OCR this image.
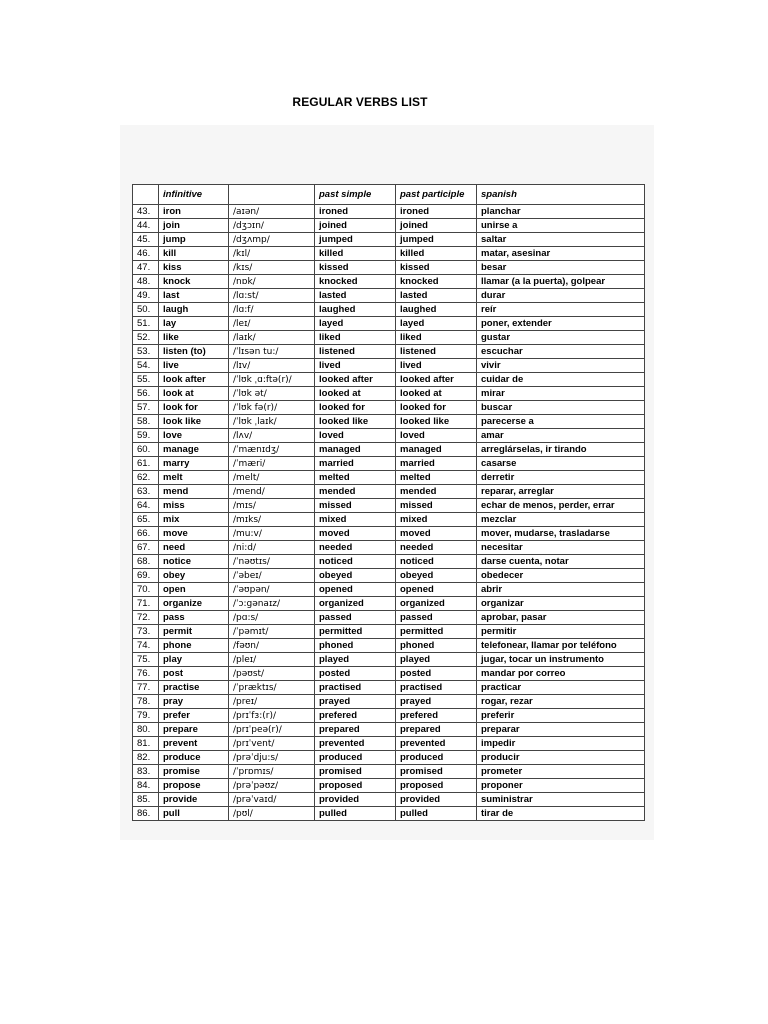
REGULAR VERBS LIST
	infinitive		past simple	past participle	spanish
43.	iron	/aɪən/	ironed	ironed	planchar
44.	join	/dʒɔɪn/	joined	joined	unirse a
45.	jump	/dʒʌmp/	jumped	jumped	saltar
46.	kill	/kɪl/	killed	killed	matar, asesinar
47.	kiss	/kɪs/	kissed	kissed	besar
48.	knock	/nɒk/	knocked	knocked	llamar (a la puerta), golpear
49.	last	/lɑ:st/	lasted	lasted	durar
50.	laugh	/lɑ:f/	laughed	laughed	reír
51.	lay	/leɪ/	layed	layed	poner, extender
52.	like	/laɪk/	liked	liked	gustar
53.	listen (to)	/ˈlɪsən tu:/	listened	listened	escuchar
54.	live	/lɪv/	lived	lived	vivir
55.	look after	/ˈlʊk ˌɑ:ftə(r)/	looked after	looked after	cuidar de
56.	look at	/ˈlʊk ət/	looked at	looked at	mirar
57.	look for	/ˈlʊk fə(r)/	looked for	looked for	buscar
58.	look like	/ˈlʊk ˌlaɪk/	looked like	looked like	parecerse a
59.	love	/lʌv/	loved	loved	amar
60.	manage	/ˈmænɪdʒ/	managed	managed	arreglárselas, ir tirando
61.	marry	/ˈmæri/	married	married	casarse
62.	melt	/melt/	melted	melted	derretir
63.	mend	/mend/	mended	mended	reparar, arreglar
64.	miss	/mɪs/	missed	missed	echar de menos, perder, errar
65.	mix	/mɪks/	mixed	mixed	mezclar
66.	move	/mu:v/	moved	moved	mover, mudarse, trasladarse
67.	need	/ni:d/	needed	needed	necesitar
68.	notice	/ˈnəʊtɪs/	noticed	noticed	darse cuenta, notar
69.	obey	/ˈəbeɪ/	obeyed	obeyed	obedecer
70.	open	/ˈəʊpən/	opened	opened	abrir
71.	organize	/ˈɔ:gənaɪz/	organized	organized	organizar
72.	pass	/pɑ:s/	passed	passed	aprobar, pasar
73.	permit	/ˈpəmɪt/	permitted	permitted	permitir
74.	phone	/fəʊn/	phoned	phoned	telefonear, llamar por teléfono
75.	play	/pleɪ/	played	played	jugar, tocar un instrumento
76.	post	/pəʊst/	posted	posted	mandar por correo
77.	practise	/ˈpræktɪs/	practised	practised	practicar
78.	pray	/preɪ/	prayed	prayed	rogar, rezar
79.	prefer	/prɪˈfɜ:(r)/	prefered	prefered	preferir
80.	prepare	/prɪˈpeə(r)/	prepared	prepared	preparar
81.	prevent	/prɪˈvent/	prevented	prevented	impedir
82.	produce	/prəˈdju:s/	produced	produced	producir
83.	promise	/ˈprɒmɪs/	promised	promised	prometer
84.	propose	/prəˈpəʊz/	proposed	proposed	proponer
85.	provide	/prəˈvaɪd/	provided	provided	suministrar
86.	pull	/pʊl/	pulled	pulled	tirar de
